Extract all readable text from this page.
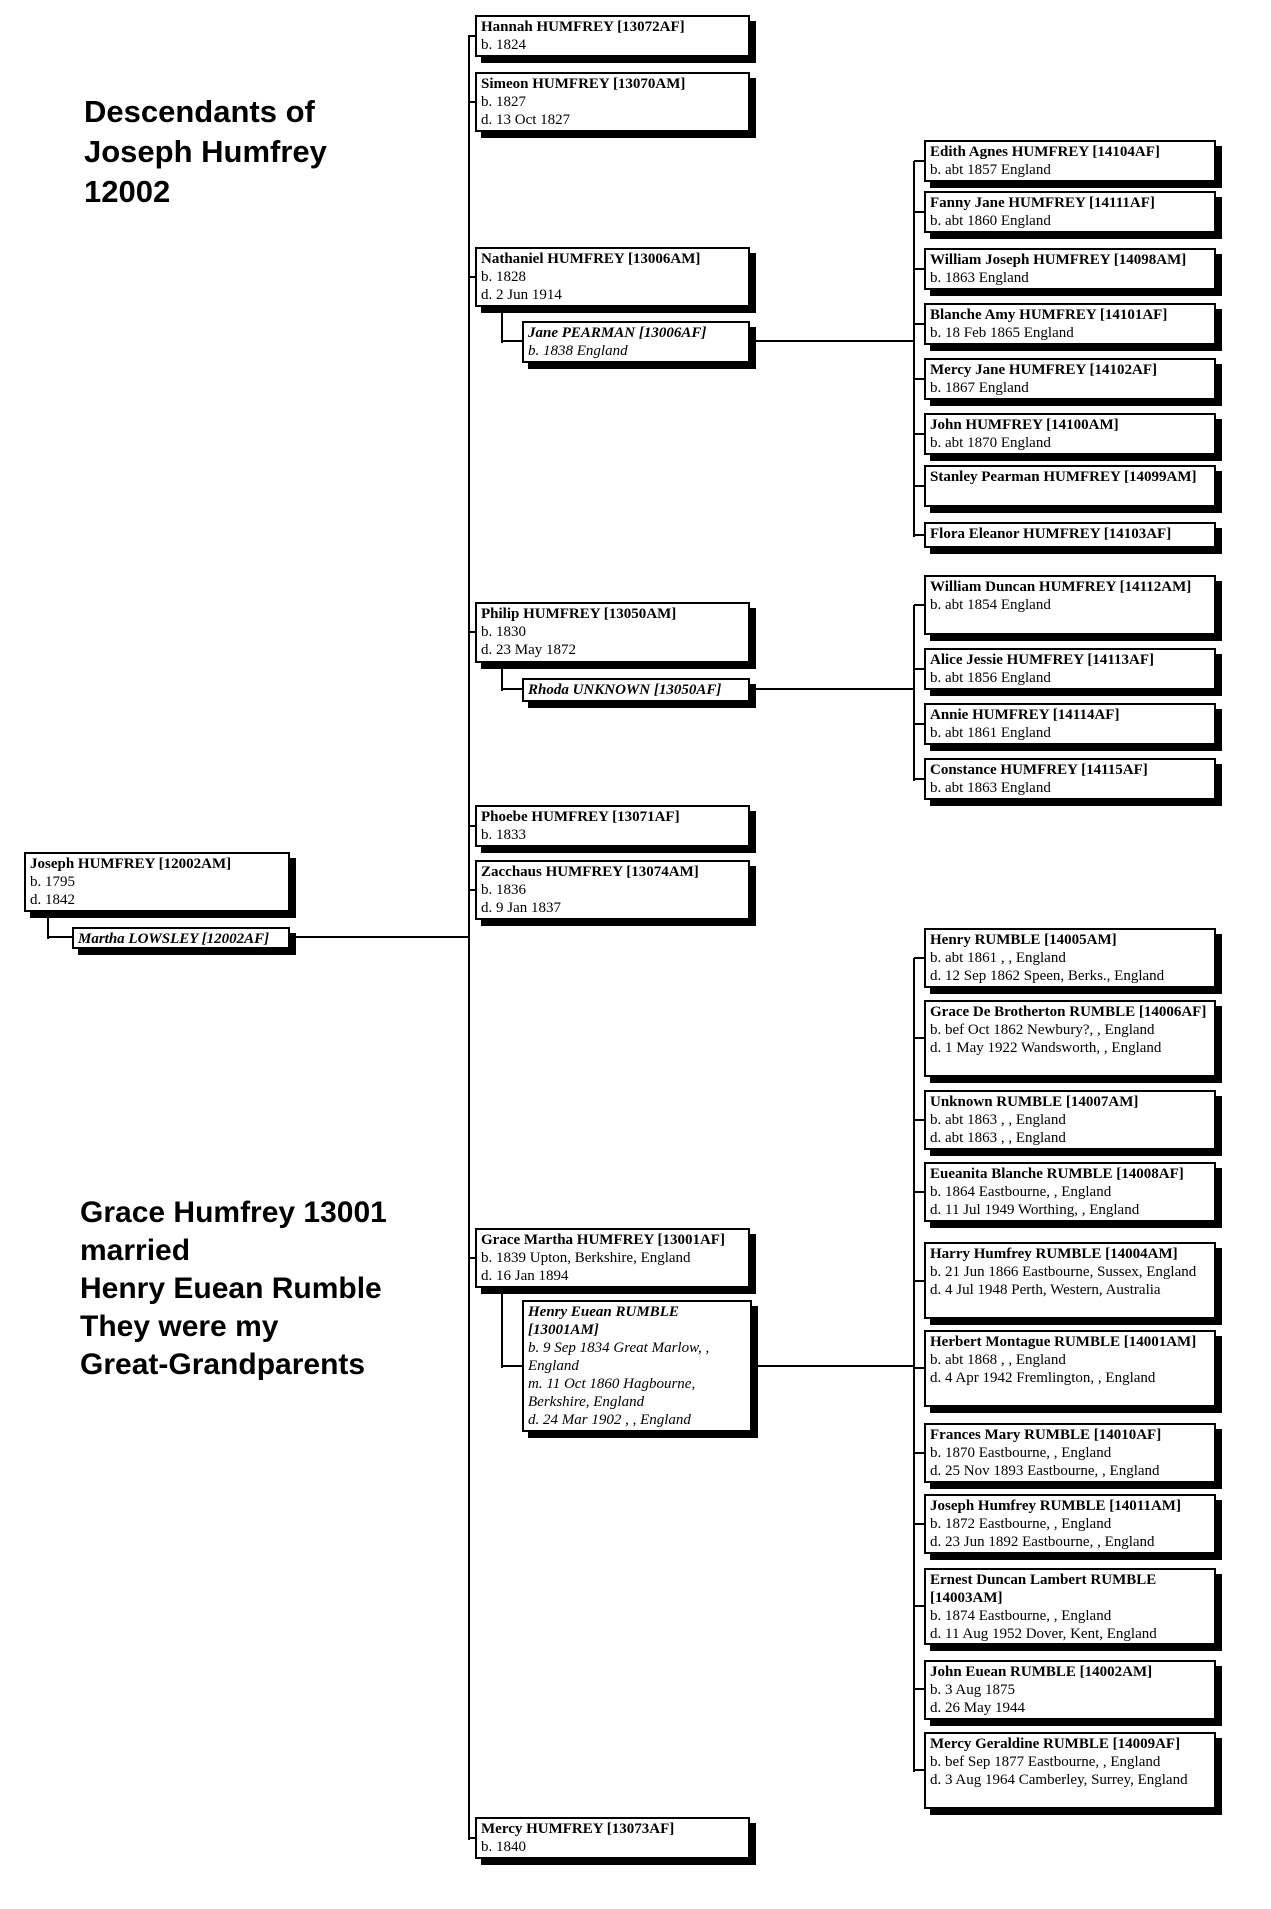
Descendants of
Joseph Humfrey
12002
Grace Humfrey 13001
married
Henry Euean Rumble
They were my
Great-Grandparents
Joseph HUMFREY [12002AM]
b. 1795
d. 1842
Martha LOWSLEY [12002AF]
Hannah HUMFREY [13072AF]
b. 1824
Simeon HUMFREY [13070AM]
b. 1827
d. 13 Oct 1827
Nathaniel HUMFREY [13006AM]
b. 1828
d. 2 Jun 1914
Jane PEARMAN [13006AF]
b. 1838 England
Philip HUMFREY [13050AM]
b. 1830
d. 23 May 1872
Rhoda UNKNOWN [13050AF]
Phoebe HUMFREY [13071AF]
b. 1833
Zacchaus HUMFREY [13074AM]
b. 1836
d. 9 Jan 1837
Grace Martha HUMFREY [13001AF]
b. 1839 Upton, Berkshire, England
d. 16 Jan 1894
Henry Euean RUMBLE [13001AM]
b. 9 Sep 1834 Great Marlow, , England
m. 11 Oct 1860 Hagbourne, Berkshire, England
d. 24 Mar 1902 , , England
Mercy HUMFREY [13073AF]
b. 1840
Edith Agnes HUMFREY [14104AF]
b. abt 1857 England
Fanny Jane HUMFREY [14111AF]
b. abt 1860 England
William Joseph HUMFREY [14098AM]
b. 1863 England
Blanche Amy HUMFREY [14101AF]
b. 18 Feb 1865 England
Mercy Jane HUMFREY [14102AF]
b. 1867 England
John HUMFREY [14100AM]
b. abt 1870 England
Stanley Pearman HUMFREY [14099AM]
Flora Eleanor HUMFREY [14103AF]
William Duncan HUMFREY [14112AM]
b. abt 1854 England
Alice Jessie HUMFREY [14113AF]
b. abt 1856 England
Annie HUMFREY [14114AF]
b. abt 1861 England
Constance HUMFREY [14115AF]
b. abt 1863 England
Henry RUMBLE [14005AM]
b. abt 1861 , , England
d. 12 Sep 1862 Speen, Berks., England
Grace De Brotherton RUMBLE [14006AF]
b. bef Oct 1862 Newbury?, , England
d. 1 May 1922 Wandsworth, , England
Unknown RUMBLE [14007AM]
b. abt 1863 , , England
d. abt 1863 , , England
Eueanita Blanche RUMBLE [14008AF]
b. 1864 Eastbourne, , England
d. 11 Jul 1949 Worthing, , England
Harry Humfrey RUMBLE [14004AM]
b. 21 Jun 1866 Eastbourne, Sussex, England
d. 4 Jul 1948 Perth, Western, Australia
Herbert Montague RUMBLE [14001AM]
b. abt 1868 , , England
d. 4 Apr 1942 Fremlington, , England
Frances Mary RUMBLE [14010AF]
b. 1870 Eastbourne, , England
d. 25 Nov 1893 Eastbourne, , England
Joseph Humfrey RUMBLE [14011AM]
b. 1872 Eastbourne, , England
d. 23 Jun 1892 Eastbourne, , England
Ernest Duncan Lambert RUMBLE [14003AM]
b. 1874 Eastbourne, , England
d. 11 Aug 1952 Dover, Kent, England
John Euean RUMBLE [14002AM]
b. 3 Aug 1875
d. 26 May 1944
Mercy Geraldine RUMBLE [14009AF]
b. bef Sep 1877 Eastbourne, , England
d. 3 Aug 1964 Camberley, Surrey, England
